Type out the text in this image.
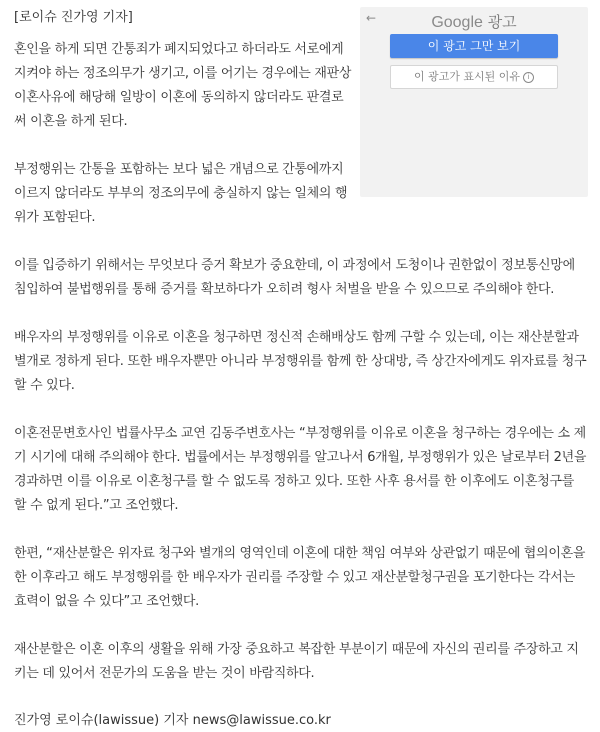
[로이슈 진가영 기자]

혼인을 하게 되면 간통죄가 폐지되었다고 하더라도 서로에게 지켜야 하는 정조의무가 생기고, 이를 어기는 경우에는 재판상 이혼사유에 해당해 일방이 이혼에 동의하지 않더라도 판결로써 이혼을 하게 된다.

부정행위는 간통을 포함하는 보다 넓은 개념으로 간통에까지 이르지 않더라도 부부의 정조의무에 충실하지 않는 일체의 행위가 포함된다.

이를 입증하기 위해서는 무엇보다 증거 확보가 중요한데, 이 과정에서 도청이나 권한없이 정보통신망에 침입하여 불법행위를 통해 증거를 확보하다가 오히려 형사 처벌을 받을 수 있으므로 주의해야 한다.

배우자의 부정행위를 이유로 이혼을 청구하면 정신적 손해배상도 함께 구할 수 있는데, 이는 재산분할과 별개로 정하게 된다. 또한 배우자뿐만 아니라 부정행위를 함께 한 상대방, 즉 상간자에게도 위자료를 청구할 수 있다.

이혼전문변호사인 법률사무소 교연 김동주변호사는 “부정행위를 이유로 이혼을 청구하는 경우에는 소 제기 시기에 대해 주의해야 한다. 법률에서는 부정행위를 알고나서 6개월, 부정행위가 있은 날로부터 2년을 경과하면 이를 이유로 이혼청구를 할 수 없도록 정하고 있다. 또한 사후 용서를 한 이후에도 이혼청구를 할 수 없게 된다.”고 조언했다.

한편, “재산분할은 위자료 청구와 별개의 영역인데 이혼에 대한 책임 여부와 상관없기 때문에 협의이혼을 한 이후라고 해도 부정행위를 한 배우자가 권리를 주장할 수 있고 재산분할청구권을 포기한다는 각서는 효력이 없을 수 있다”고 조언했다.

재산분할은 이혼 이후의 생활을 위해 가장 중요하고 복잡한 부분이기 때문에 자신의 권리를 주장하고 지키는 데 있어서 전문가의 도움을 받는 것이 바람직하다.

진가영 로이슈(lawissue) 기자 news@lawissue.co.kr
←	Google 광고
이 광고 그만 보기
이 광고가 표시된 이유 i
